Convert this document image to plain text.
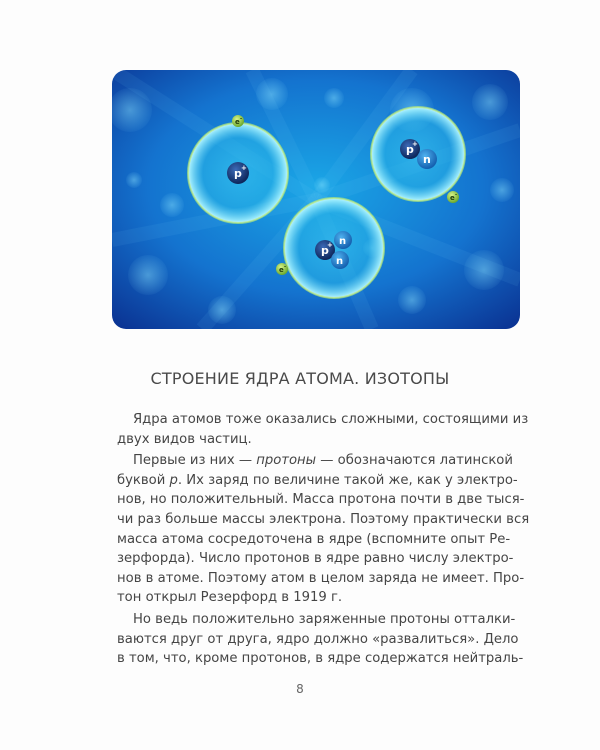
p +
e -
p
+
n
e -
n
p
+
n
e -
СТРОЕНИЕ ЯДРА АТОМА. ИЗОТОПЫ
Ядра атомов тоже оказались сложными, состоящими из
двух видов частиц.
Первые из них — протоны — обозначаются латинской
буквой р . Их заряд по величине такой же, как у электро-
нов, но положительный. Масса протона почти в две тыся-
чи раз больше массы электрона. Поэтому практически вся
масса атома сосредоточена в ядре (вспомните опыт Ре-
зерфорда). Число протонов в ядре равно числу электро-
нов в атоме. Поэтому атом в целом заряда не имеет. Про-
тон открыл Резерфорд в 1919 г.
Но ведь положительно заряженные протоны отталки-
ваются друг от друга, ядро должно «развалиться». Дело
в том, что, кроме протонов, в ядре содержатся нейтраль-
8
